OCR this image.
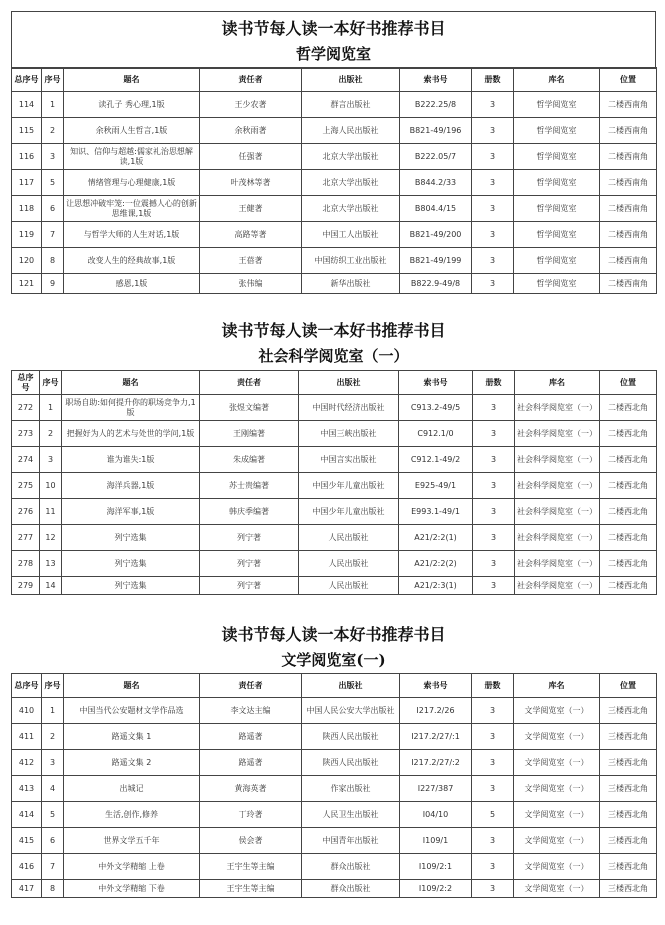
读书节每人读一本好书推荐书目
哲学阅览室
总序号	序号	题名	责任者	出版社	索书号	册数	库名	位置
114	1	读孔子 秀心理,1版	王少农著	群言出版社	B222.25/8	3	哲学阅览室	二楼西南角
115	2	余秋雨人生哲言,1版	余秋雨著	上海人民出版社	B821-49/196	3	哲学阅览室	二楼西南角
116	3	知识、信仰与超越:儒家礼治思想解读,1版	任强著	北京大学出版社	B222.05/7	3	哲学阅览室	二楼西南角
117	5	情绪管理与心理健康,1版	叶茂林等著	北京大学出版社	B844.2/33	3	哲学阅览室	二楼西南角
118	6	让思想冲破牢笼:一位震撼人心的创新思维课,1版	王健著	北京大学出版社	B804.4/15	3	哲学阅览室	二楼西南角
119	7	与哲学大师的人生对话,1版	高路等著	中国工人出版社	B821-49/200	3	哲学阅览室	二楼西南角
120	8	改变人生的经典故事,1版	王蓓著	中国纺织工业出版社	B821-49/199	3	哲学阅览室	二楼西南角
121	9	感恩,1版	张伟编	新华出版社	B822.9-49/8	3	哲学阅览室	二楼西南角
读书节每人读一本好书推荐书目
社会科学阅览室（一）
总序号	序号	题名	责任者	出版社	索书号	册数	库名	位置
272	1	职场自助:如何提升你的职场竞争力,1版	张煜文编著	中国时代经济出版社	C913.2-49/5	3	社会科学阅览室（一）	二楼西北角
273	2	把握好为人的艺术与处世的学问,1版	王刚编著	中国三峡出版社	C912.1/0	3	社会科学阅览室（一）	二楼西北角
274	3	谁为谁失:1版	朱成编著	中国言实出版社	C912.1-49/2	3	社会科学阅览室（一）	二楼西北角
275	10	海洋兵器,1版	苏士贵编著	中国少年儿童出版社	E925-49/1	3	社会科学阅览室（一）	二楼西北角
276	11	海洋军事,1版	韩庆季编著	中国少年儿童出版社	E993.1-49/1	3	社会科学阅览室（一）	二楼西北角
277	12	列宁选集	列宁著	人民出版社	A21/2:2(1)	3	社会科学阅览室（一）	二楼西北角
278	13	列宁选集	列宁著	人民出版社	A21/2:2(2)	3	社会科学阅览室（一）	二楼西北角
279	14	列宁选集	列宁著	人民出版社	A21/2:3(1)	3	社会科学阅览室（一）	二楼西北角
读书节每人读一本好书推荐书目
文学阅览室(一)
总序号	序号	题名	责任者	出版社	索书号	册数	库名	位置
410	1	中国当代公安题材文学作品选	李文达主编	中国人民公安大学出版社	I217.2/26	3	文学阅览室（一）	三楼西北角
411	2	路遥文集 1	路遥著	陕西人民出版社	I217.2/27/:1	3	文学阅览室（一）	三楼西北角
412	3	路遥文集 2	路遥著	陕西人民出版社	I217.2/27/:2	3	文学阅览室（一）	三楼西北角
413	4	出城记	黄海英著	作家出版社	I227/387	3	文学阅览室（一）	三楼西北角
414	5	生活,创作,修养	丁玲著	人民卫生出版社	I04/10	5	文学阅览室（一）	三楼西北角
415	6	世界文学五千年	侯会著	中国青年出版社	I109/1	3	文学阅览室（一）	三楼西北角
416	7	中外文学精缩 上卷	王宇生等主编	群众出版社	I109/2:1	3	文学阅览室（一）	三楼西北角
417	8	中外文学精缩 下卷	王宇生等主编	群众出版社	I109/2:2	3	文学阅览室（一）	三楼西北角
